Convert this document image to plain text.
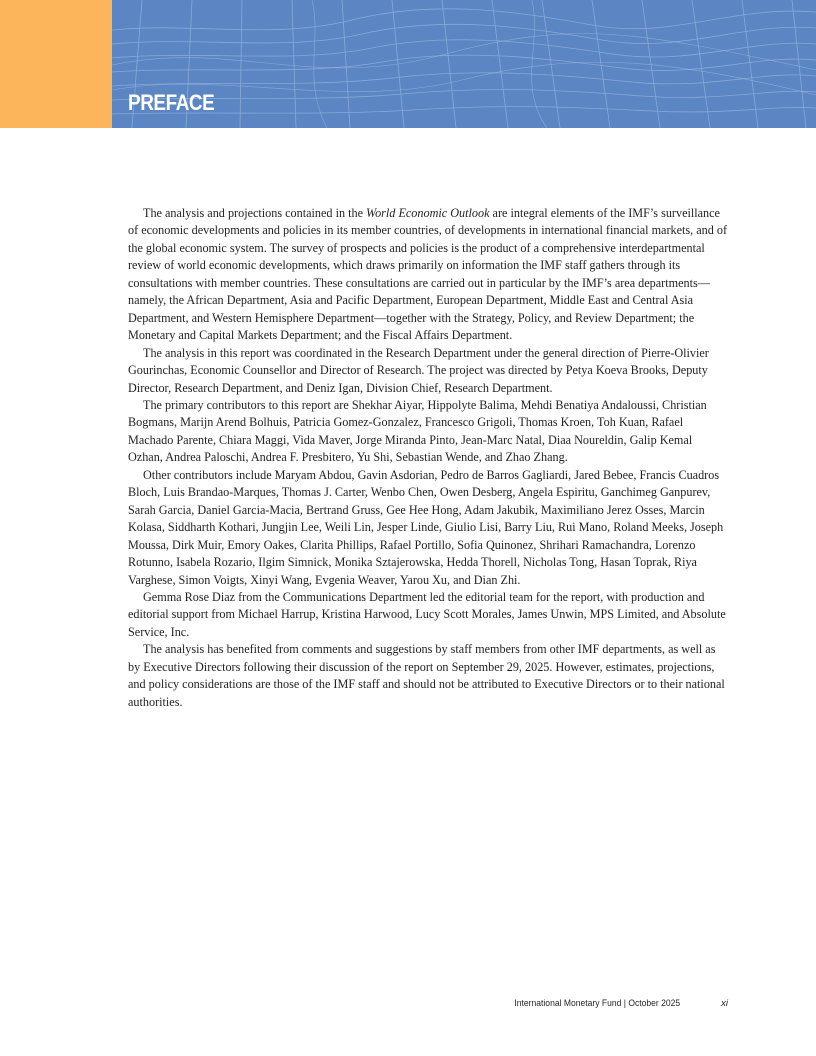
PREFACE

The analysis and projections contained in the World Economic Outlook are integral elements of the IMF’s surveillance of economic developments and policies in its member countries, of developments in international financial markets, and of the global economic system. The survey of prospects and policies is the product of a comprehensive interdepartmental review of world economic developments, which draws primarily on information the IMF staff gathers through its consultations with member countries. These consultations are carried out in particular by the IMF’s area departments—namely, the African Department, Asia and Pacific Department, European Department, Middle East and Central Asia Department, and Western Hemisphere Department—together with the Strategy, Policy, and Review Department; the Monetary and Capital Markets Department; and the Fiscal Affairs Department.

The analysis in this report was coordinated in the Research Department under the general direction of Pierre-Olivier Gourinchas, Economic Counsellor and Director of Research. The project was directed by Petya Koeva Brooks, Deputy Director, Research Department, and Deniz Igan, Division Chief, Research Department.

The primary contributors to this report are Shekhar Aiyar, Hippolyte Balima, Mehdi Benatiya Andaloussi, Christian Bogmans, Marijn Arend Bolhuis, Patricia Gomez-Gonzalez, Francesco Grigoli, Thomas Kroen, Toh Kuan, Rafael Machado Parente, Chiara Maggi, Vida Maver, Jorge Miranda Pinto, Jean-Marc Natal, Diaa Noureldin, Galip Kemal Ozhan, Andrea Paloschi, Andrea F. Presbitero, Yu Shi, Sebastian Wende, and Zhao Zhang.

Other contributors include Maryam Abdou, Gavin Asdorian, Pedro de Barros Gagliardi, Jared Bebee, Francis Cuadros Bloch, Luis Brandao-Marques, Thomas J. Carter, Wenbo Chen, Owen Desberg, Angela Espiritu, Ganchimeg Ganpurev, Sarah Garcia, Daniel Garcia-Macia, Bertrand Gruss, Gee Hee Hong, Adam Jakubik, Maximiliano Jerez Osses, Marcin Kolasa, Siddharth Kothari, Jungjin Lee, Weili Lin, Jesper Linde, Giulio Lisi, Barry Liu, Rui Mano, Roland Meeks, Joseph Moussa, Dirk Muir, Emory Oakes, Clarita Phillips, Rafael Portillo, Sofia Quinonez, Shrihari Ramachandra, Lorenzo Rotunno, Isabela Rozario, Ilgim Simnick, Monika Sztajerowska, Hedda Thorell, Nicholas Tong, Hasan Toprak, Riya Varghese, Simon Voigts, Xinyi Wang, Evgenia Weaver, Yarou Xu, and Dian Zhi.

Gemma Rose Diaz from the Communications Department led the editorial team for the report, with production and editorial support from Michael Harrup, Kristina Harwood, Lucy Scott Morales, James Unwin, MPS Limited, and Absolute Service, Inc.

The analysis has benefited from comments and suggestions by staff members from other IMF departments, as well as by Executive Directors following their discussion of the report on September 29, 2025. However, estimates, projections, and policy considerations are those of the IMF staff and should not be attributed to Executive Directors or to their national authorities.

International Monetary Fund | October 2025	xi
